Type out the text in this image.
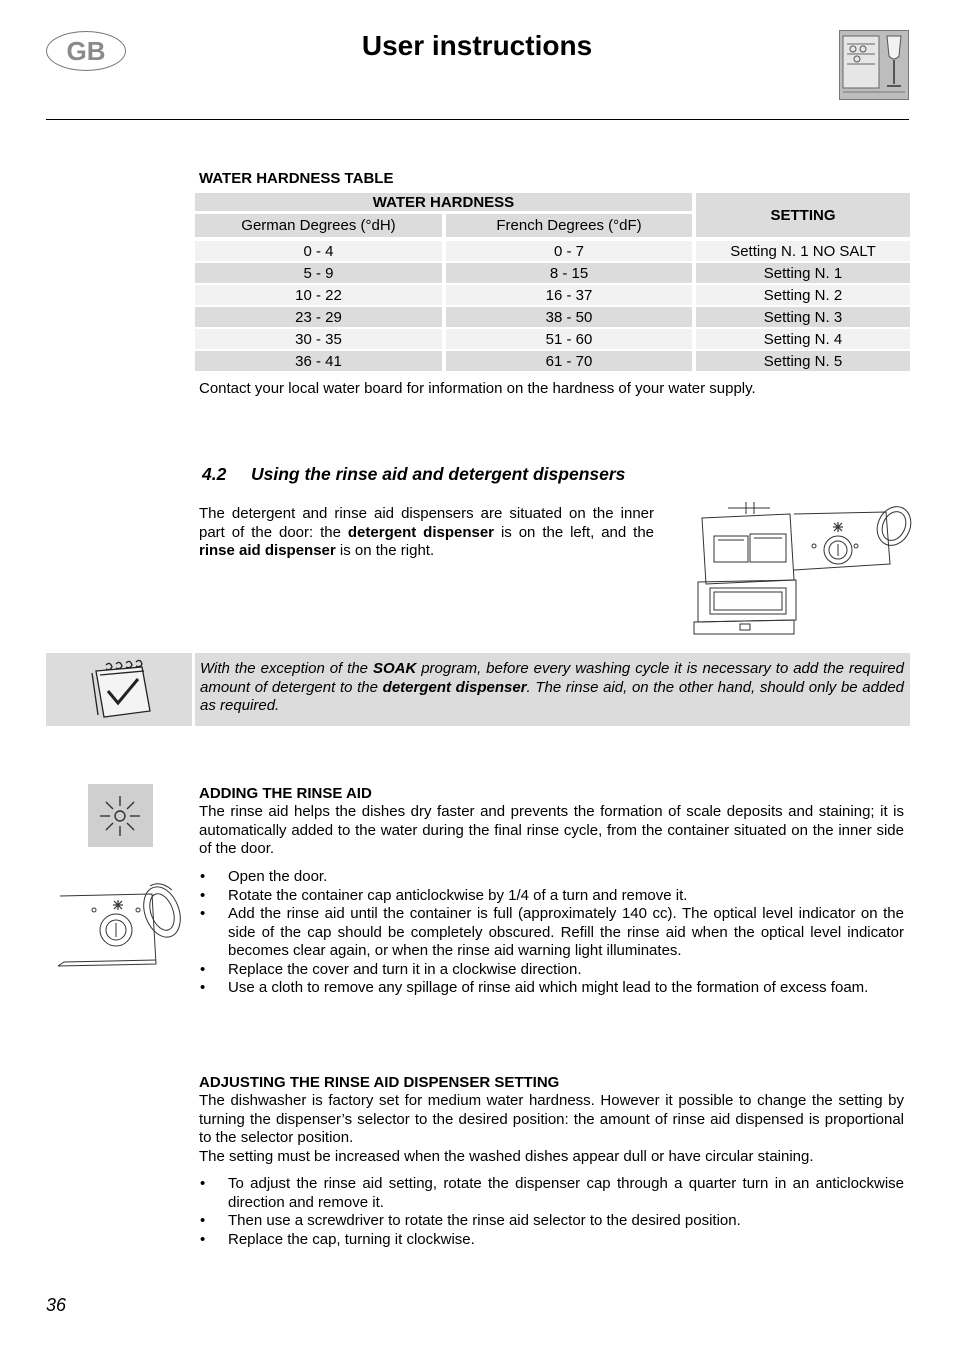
GB	User instructions
WATER HARDNESS TABLE
WATER HARDNESS
SETTING
German Degrees (°dH)	French Degrees (°dF)
0 - 4	0 - 7	Setting N. 1 NO SALT
5 - 9	8 - 15	Setting N. 1
10 - 22	16 - 37	Setting N. 2
23 - 29	38 - 50	Setting N. 3
30 - 35	51 - 60	Setting N. 4
36 - 41	61 - 70	Setting N. 5
Contact your local water board for information on the hardness of your water supply.
4.2 Using the rinse aid and detergent dispensers
The detergent and rinse aid dispensers are situated on the inner part of the door: the detergent dispenser is on the left, and the rinse aid dispenser is on the right.
With the exception of the SOAK program, before every washing cycle it is necessary to add the required amount of detergent to the detergent dispenser. The rinse aid, on the other hand, should only be added as required.
ADDING THE RINSE AID
The rinse aid helps the dishes dry faster and prevents the formation of scale deposits and staining; it is automatically added to the water during the final rinse cycle, from the container situated on the inner side of the door.
• Open the door.
• Rotate the container cap anticlockwise by 1/4 of a turn and remove it.
• Add the rinse aid until the container is full (approximately 140 cc). The optical level indicator on the side of the cap should be completely obscured. Refill the rinse aid when the optical level indicator becomes clear again, or when the rinse aid warning light illuminates.
• Replace the cover and turn it in a clockwise direction.
• Use a cloth to remove any spillage of rinse aid which might lead to the formation of excess foam.
ADJUSTING THE RINSE AID DISPENSER SETTING
The dishwasher is factory set for medium water hardness. However it possible to change the setting by turning the dispenser’s selector to the desired position: the amount of rinse aid dispensed is proportional to the selector position.
The setting must be increased when the washed dishes appear dull or have circular staining.
• To adjust the rinse aid setting, rotate the dispenser cap through a quarter turn in an anticlockwise direction and remove it.
• Then use a screwdriver to rotate the rinse aid selector to the desired position.
• Replace the cap, turning it clockwise.
36
